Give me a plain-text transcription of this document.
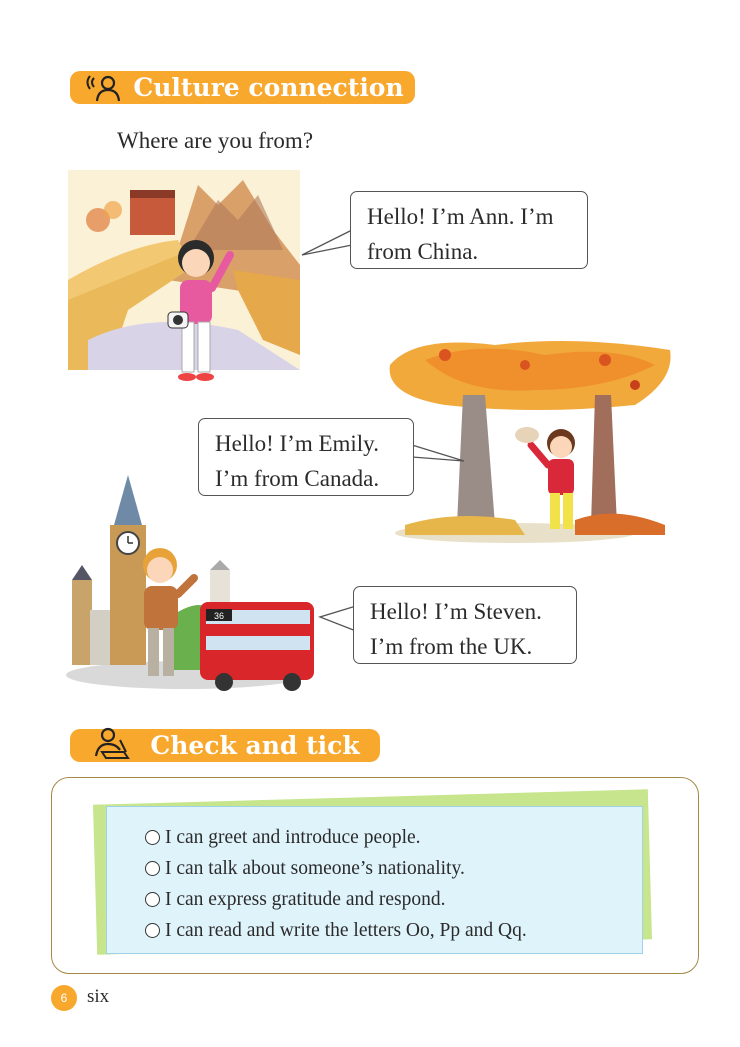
Culture connection
Where are you from?
Hello! I’m Ann. I’m
from China.
Hello! I’m Emily.
I’m from Canada.
36	Hello! I’m Steven.
I’m from the UK.
Check and tick
I can greet and introduce people.
I can talk about someone’s nationality.
I can express gratitude and respond.
I can read and write the letters Oo, Pp and Qq.
6	six
